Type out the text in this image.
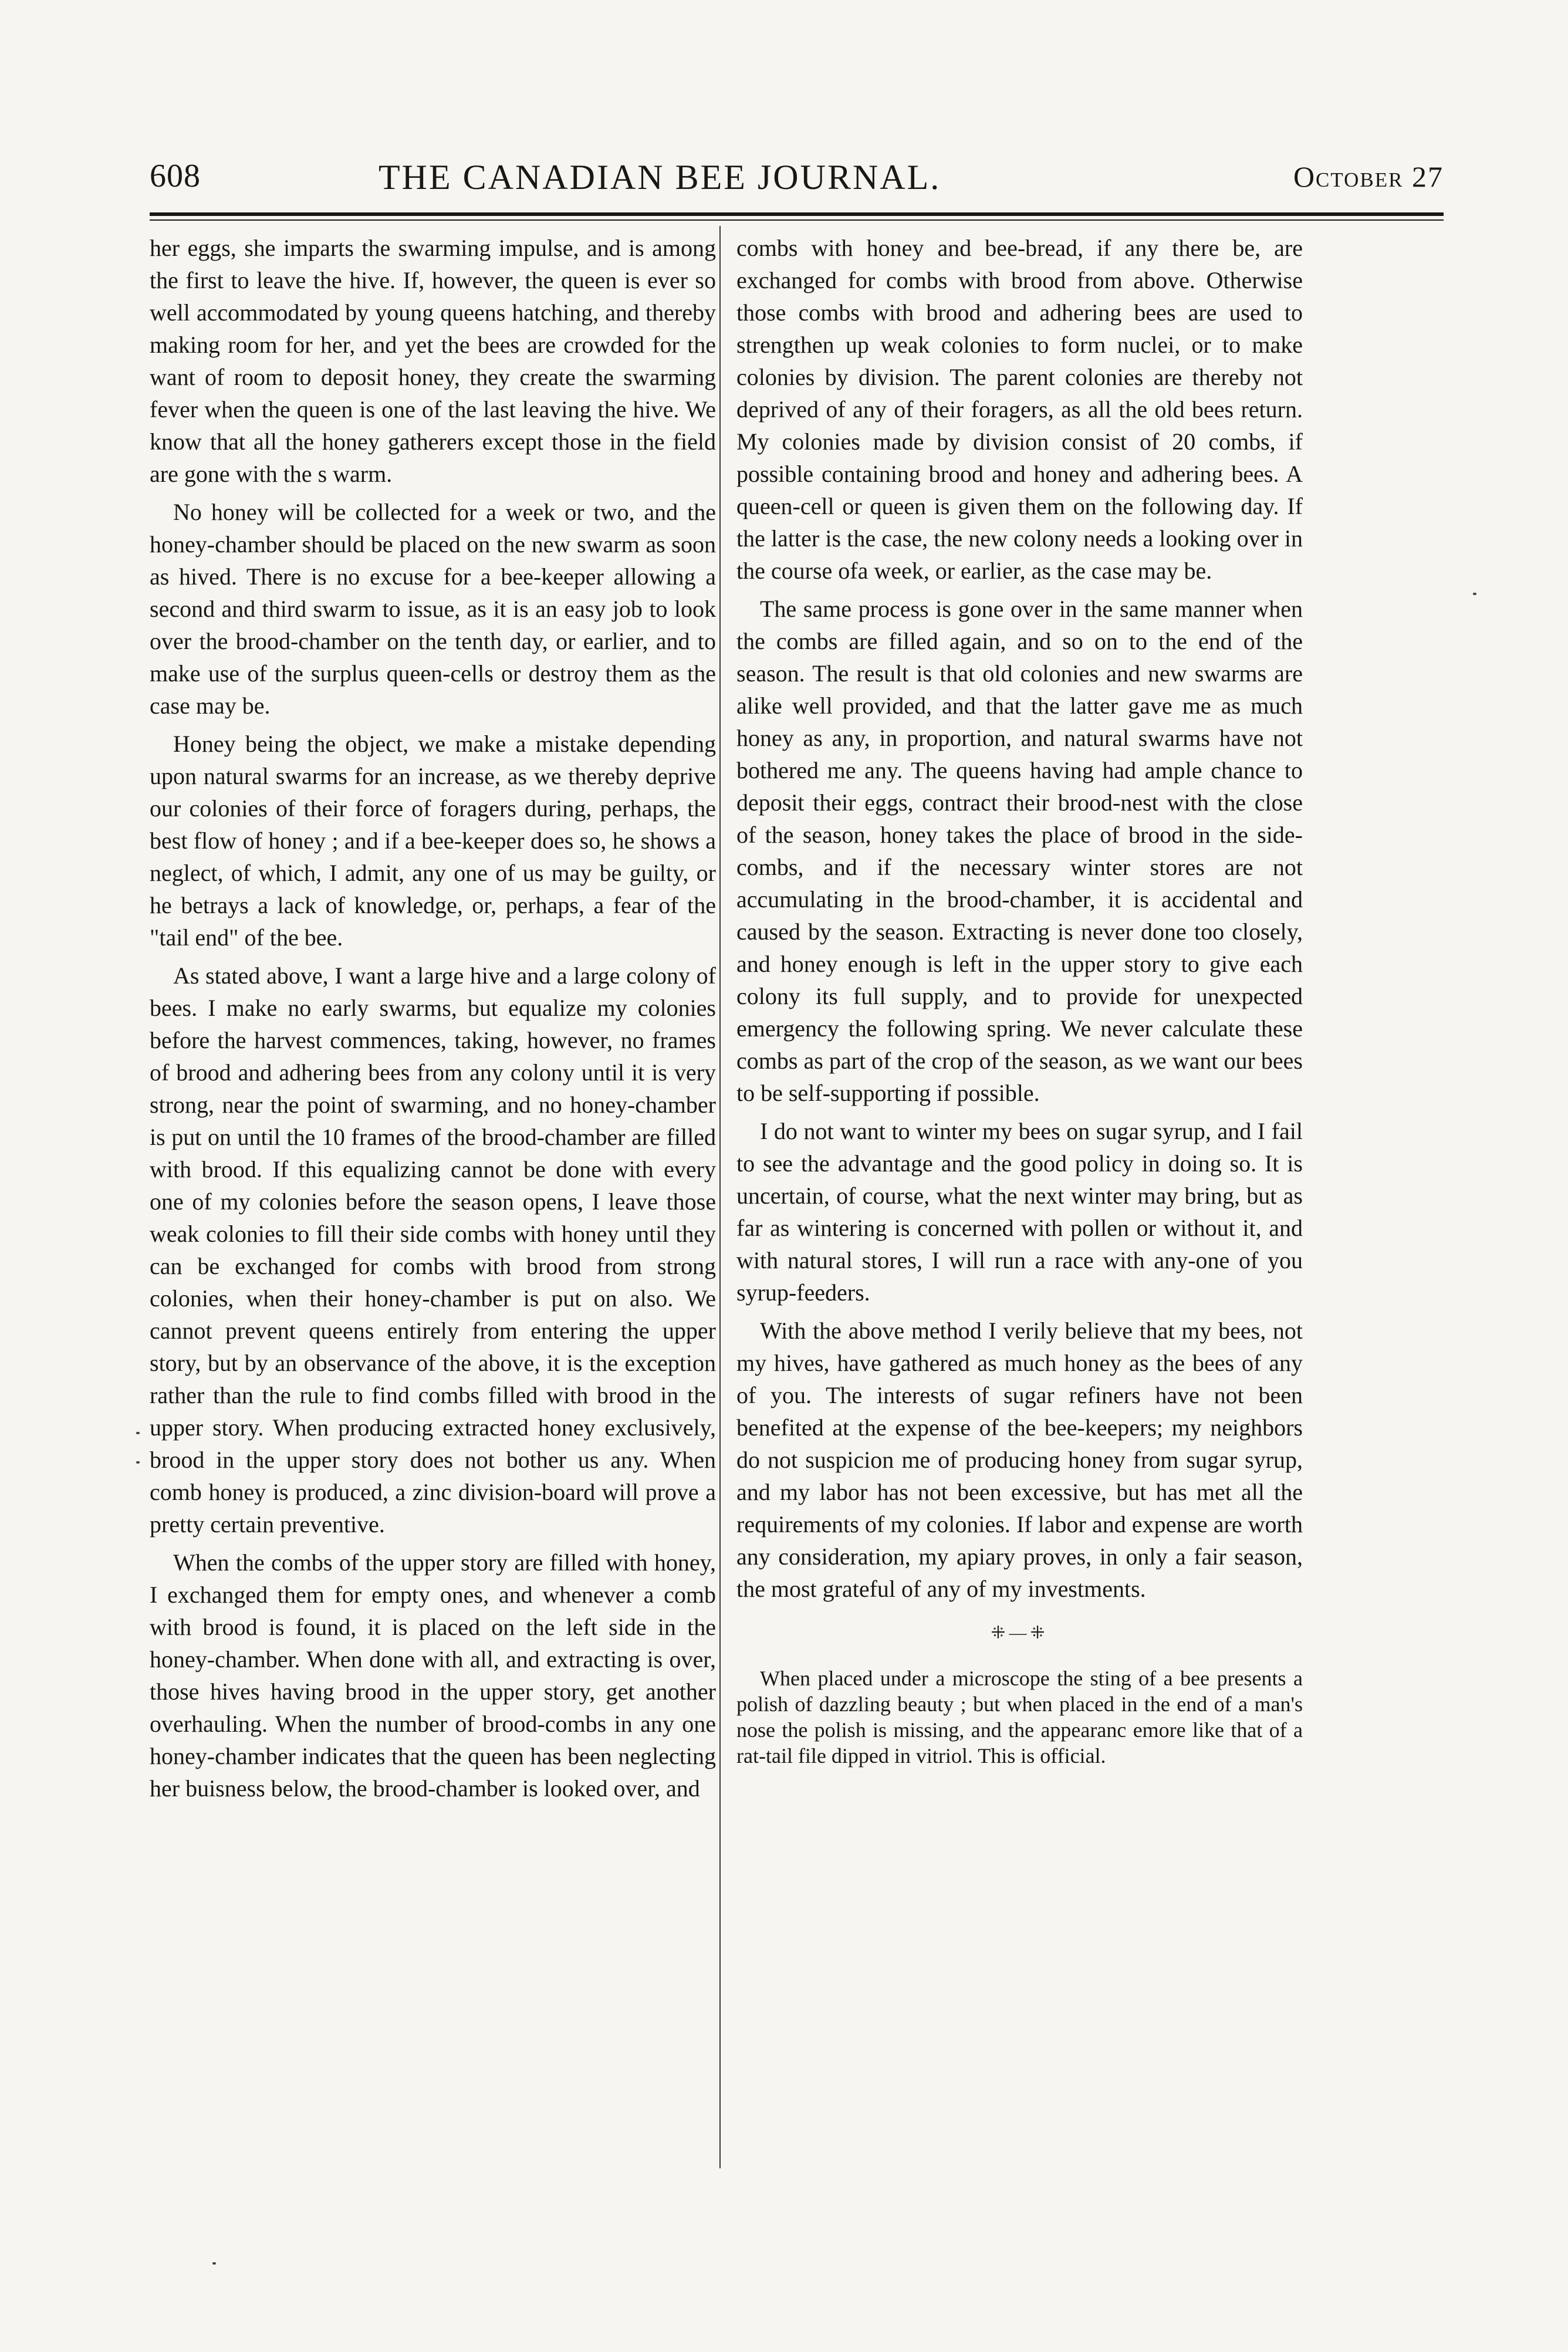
608	THE CANADIAN BEE JOURNAL.	October 27

her eggs, she imparts the swarming impulse, and is among the first to leave the hive. If, however, the queen is ever so well accommodated by young queens hatching, and thereby making room for her, and yet the bees are crowded for the want of room to deposit honey, they create the swarming fever when the queen is one of the last leaving the hive. We know that all the honey gatherers except those in the field are gone with the s warm.

No honey will be collected for a week or two, and the honey-chamber should be placed on the new swarm as soon as hived. There is no excuse for a bee-keeper allowing a second and third swarm to issue, as it is an easy job to look over the brood-chamber on the tenth day, or earlier, and to make use of the surplus queen-cells or destroy them as the case may be.

Honey being the object, we make a mistake depending upon natural swarms for an increase, as we thereby deprive our colonies of their force of foragers during, perhaps, the best flow of honey ; and if a bee-keeper does so, he shows a neglect, of which, I admit, any one of us may be guilty, or he betrays a lack of knowledge, or, perhaps, a fear of the "tail end" of the bee.

As stated above, I want a large hive and a large colony of bees. I make no early swarms, but equalize my colonies before the harvest commences, taking, however, no frames of brood and adhering bees from any colony until it is very strong, near the point of swarming, and no honey-chamber is put on until the 10 frames of the brood-chamber are filled with brood. If this equalizing cannot be done with every one of my colonies before the season opens, I leave those weak colonies to fill their side combs with honey until they can be exchanged for combs with brood from strong colonies, when their honey-chamber is put on also. We cannot prevent queens entirely from entering the upper story, but by an observance of the above, it is the exception rather than the rule to find combs filled with brood in the upper story. When producing extracted honey exclusively, brood in the upper story does not bother us any. When comb honey is produced, a zinc division-board will prove a pretty certain preventive.

When the combs of the upper story are filled with honey, I exchanged them for empty ones, and whenever a comb with brood is found, it is placed on the left side in the honey-chamber. When done with all, and extracting is over, those hives having brood in the upper story, get another overhauling. When the number of brood-combs in any one honey-chamber indicates that the queen has been neglecting her buisness below, the brood-chamber is looked over, and

combs with honey and bee-bread, if any there be, are exchanged for combs with brood from above. Otherwise those combs with brood and adhering bees are used to strengthen up weak colonies to form nuclei, or to make colonies by division. The parent colonies are thereby not deprived of any of their foragers, as all the old bees return. My colonies made by division consist of 20 combs, if possible containing brood and honey and adhering bees. A queen-cell or queen is given them on the following day. If the latter is the case, the new colony needs a looking over in the course ofa week, or earlier, as the case may be.

The same process is gone over in the same manner when the combs are filled again, and so on to the end of the season. The result is that old colonies and new swarms are alike well provided, and that the latter gave me as much honey as any, in proportion, and natural swarms have not bothered me any. The queens having had ample chance to deposit their eggs, contract their brood-nest with the close of the season, honey takes the place of brood in the side-combs, and if the necessary winter stores are not accumulating in the brood-chamber, it is accidental and caused by the season. Extracting is never done too closely, and honey enough is left in the upper story to give each colony its full supply, and to provide for unexpected emergency the following spring. We never calculate these combs as part of the crop of the season, as we want our bees to be self-supporting if possible.

I do not want to winter my bees on sugar syrup, and I fail to see the advantage and the good policy in doing so. It is uncertain, of course, what the next winter may bring, but as far as wintering is concerned with pollen or without it, and with natural stores, I will run a race with any-one of you syrup-feeders.

With the above method I verily believe that my bees, not my hives, have gathered as much honey as the bees of any of you. The interests of sugar refiners have not been benefited at the expense of the bee-keepers; my neighbors do not suspicion me of producing honey from sugar syrup, and my labor has not been excessive, but has met all the requirements of my colonies. If labor and expense are worth any consideration, my apiary proves, in only a fair season, the most grateful of any of my investments.

⁜—⁜

When placed under a microscope the sting of a bee presents a polish of dazzling beauty ; but when placed in the end of a man's nose the polish is missing, and the appearanc emore like that of a rat-tail file dipped in vitriol. This is official.
